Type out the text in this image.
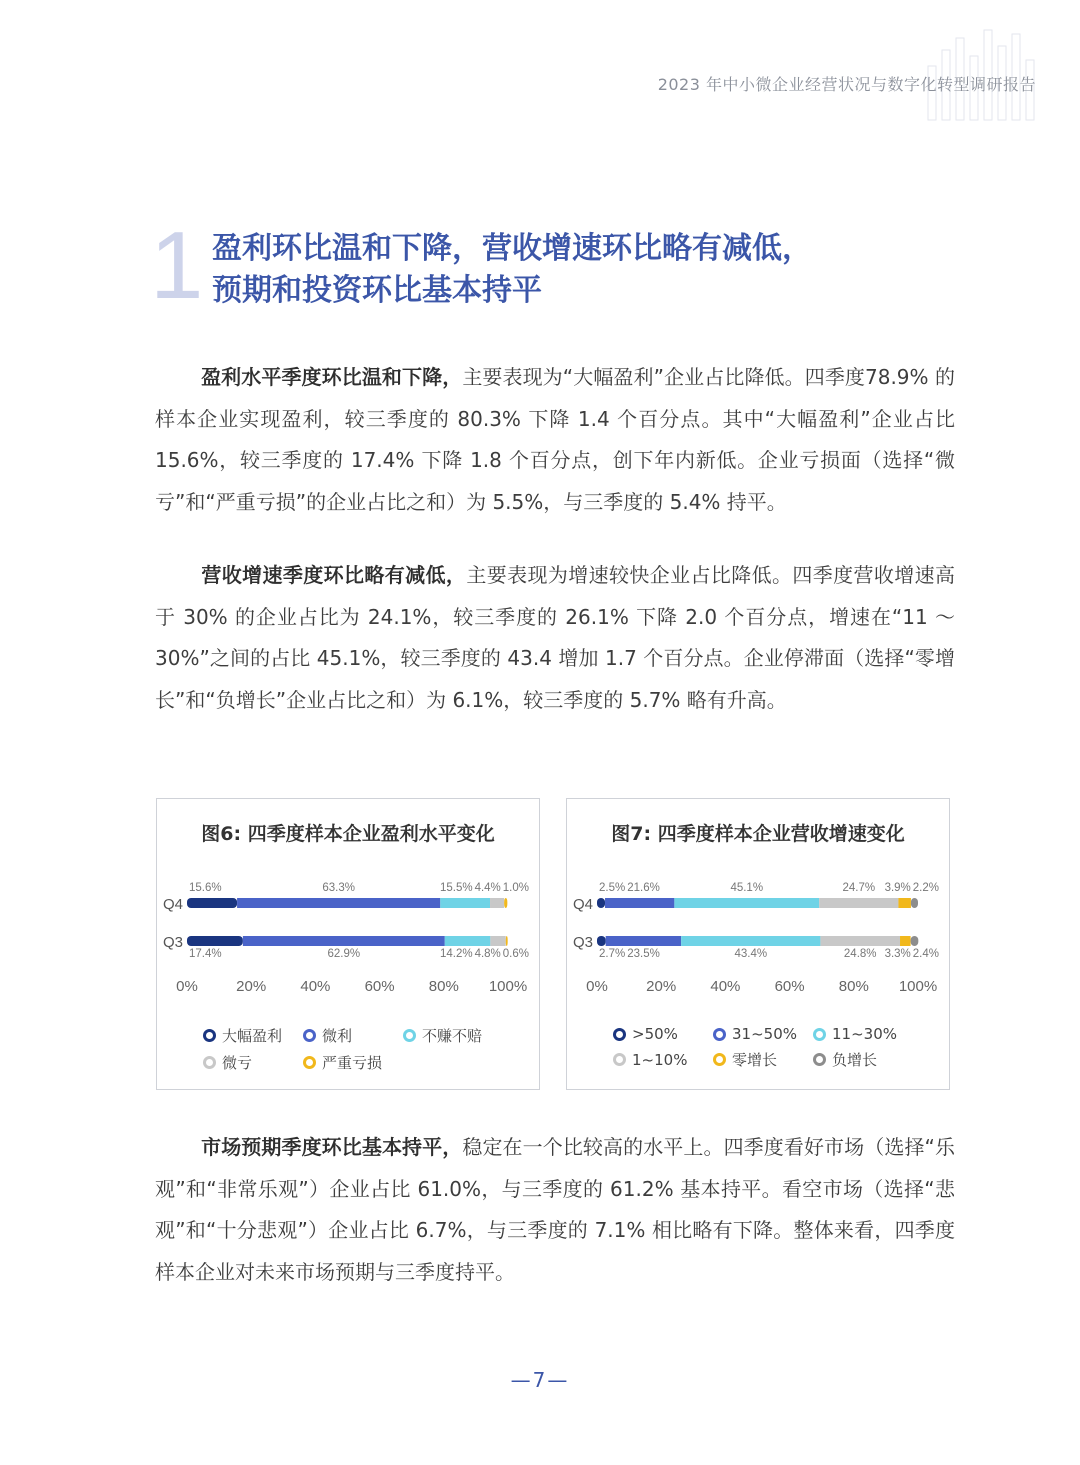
2023 年中小微企业经营状况与数字化转型调研报告
1 盈利环比温和下降，营收增速环比略有减低，
预期和投资环比基本持平

盈利水平季度环比温和下降，主要表现为“大幅盈利”企业占比降低。四季度78.9% 的样本企业实现盈利，较三季度的 80.3% 下降 1.4 个百分点。其中“大幅盈利”企业占比 15.6%，较三季度的 17.4% 下降 1.8 个百分点，创下年内新低。企业亏损面（选择“微亏”和“严重亏损”的企业占比之和）为 5.5%，与三季度的 5.4% 持平。

营收增速季度环比略有减低，主要表现为增速较快企业占比降低。四季度营收增速高于 30% 的企业占比为 24.1%，较三季度的 26.1% 下降 2.0 个百分点，增速在“11 ～ 30%”之间的占比 45.1%，较三季度的 43.4 增加 1.7 个百分点。企业停滞面（选择“零增长”和“负增长”企业占比之和）为 6.1%，较三季度的 5.7% 略有升高。

图6: 四季度样本企业盈利水平变化
Q4
Q3
15.6%	63.3%	15.5% 4.4% 1.0%
17.4%	62.9%	14.2% 4.8% 0.6%
0%	20% 40% 60% 80% 100%
大幅盈利	微利	不赚不赔
微亏	严重亏损
图7: 四季度样本企业营收增速变化
Q4
Q3
2.5% 21.6%	45.1%	24.7% 3.9% 2.2%
2.7% 23.5%	43.4%	24.8% 3.3% 2.4%
0%	20% 40% 60% 80% 100%
>50%	31~50% 11~30%
1~10%	零增长	负增长

市场预期季度环比基本持平，稳定在一个比较高的水平上。四季度看好市场（选择“乐观”和“非常乐观”）企业占比 61.0%，与三季度的 61.2% 基本持平。看空市场（选择“悲观”和“十分悲观”）企业占比 6.7%，与三季度的 7.1% 相比略有下降。整体来看，四季度样本企业对未来市场预期与三季度持平。

—7—
